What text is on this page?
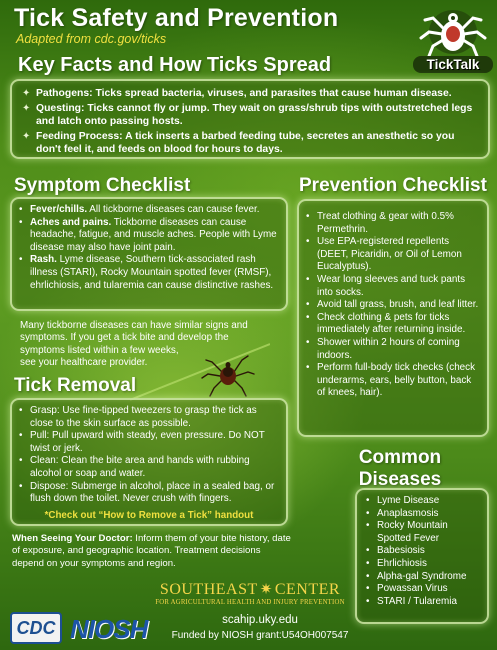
Tick Safety and Prevention
Adapted from cdc.gov/ticks
TickTalk
Key Facts and How Ticks Spread
✦ Pathogens: Ticks spread bacteria, viruses, and parasites that cause human disease.
✦ Questing: Ticks cannot fly or jump. They wait on grass/shrub tips with outstretched legs and latch onto passing hosts.
✦ Feeding Process: A tick inserts a barbed feeding tube, secretes an anesthetic so you don't feel it, and feeds on blood for hours to days.
Symptom Checklist
• Fever/chills. All tickborne diseases can cause fever.
• Aches and pains. Tickborne diseases can cause headache, fatigue, and muscle aches. People with Lyme disease may also have joint pain.
• Rash. Lyme disease, Southern tick-associated rash illness (STARI), Rocky Mountain spotted fever (RMSF), ehrlichiosis, and tularemia can cause distinctive rashes.
Many tickborne diseases can have similar signs and
symptoms. If you get a tick bite and develop the
symptoms listed within a few weeks,
see your healthcare provider.
Prevention Checklist
• Treat clothing & gear with 0.5% Permethrin.
• Use EPA-registered repellents (DEET, Picaridin, or Oil of Lemon Eucalyptus).
• Wear long sleeves and tuck pants into socks.
• Avoid tall grass, brush, and leaf litter.
• Check clothing & pets for ticks immediately after returning inside.
• Shower within 2 hours of coming indoors.
• Perform full-body tick checks (check underarms, ears, belly button, back of knees, hair).
Tick Removal
• Grasp: Use fine-tipped tweezers to grasp the tick as close to the skin surface as possible.
• Pull: Pull upward with steady, even pressure. Do NOT twist or jerk.
• Clean: Clean the bite area and hands with rubbing alcohol or soap and water.
• Dispose: Submerge in alcohol, place in a sealed bag, or flush down the toilet. Never crush with fingers.
*Check out “How to Remove a Tick” handout
When Seeing Your Doctor: Inform them of your bite history, date of exposure, and geographic location. Treatment decisions depend on your symptoms and region.
Common
Diseases
• Lyme Disease
• Anaplasmosis
• Rocky Mountain Spotted Fever
• Babesiosis
• Ehrlichiosis
• Alpha-gal Syndrome
• Powassan Virus
• STARI / Tularemia
SOUTHEAST ✷ CENTER
FOR AGRICULTURAL HEALTH AND INJURY PREVENTION
CDC NIOSH	scahip.uky.edu
Funded by NIOSH grant:U54OH007547
